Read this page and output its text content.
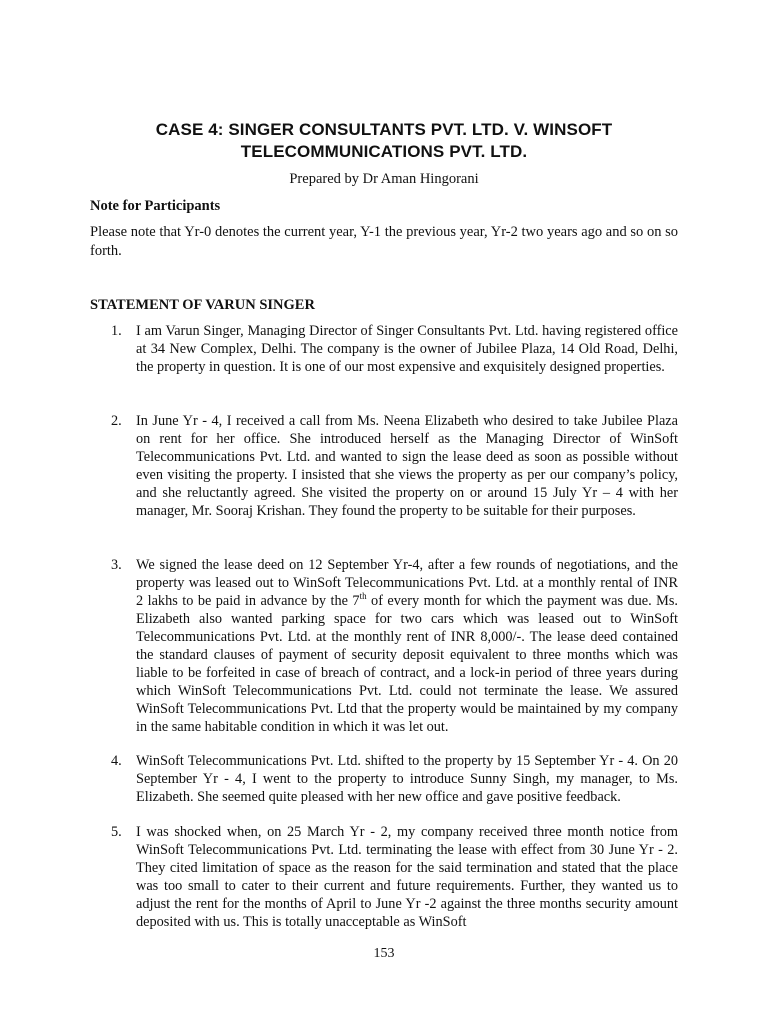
CASE 4: SINGER CONSULTANTS PVT. LTD. V. WINSOFT
TELECOMMUNICATIONS PVT. LTD.
Prepared by Dr Aman Hingorani
Note for Participants
Please note that Yr-0 denotes the current year, Y-1 the previous year, Yr-2 two years ago and so on so forth.
STATEMENT OF VARUN SINGER
1. I am Varun Singer, Managing Director of Singer Consultants Pvt. Ltd. having registered office at 34 New Complex, Delhi. The company is the owner of Jubilee Plaza, 14 Old Road, Delhi, the property in question. It is one of our most expensive and exquisitely designed properties.
2. In June Yr - 4, I received a call from Ms. Neena Elizabeth who desired to take Jubilee Plaza on rent for her office. She introduced herself as the Managing Director of WinSoft Telecommunications Pvt. Ltd. and wanted to sign the lease deed as soon as possible without even visiting the property. I insisted that she views the property as per our company’s policy, and she reluctantly agreed. She visited the property on or around 15 July Yr – 4 with her manager, Mr. Sooraj Krishan. They found the property to be suitable for their purposes.
3. We signed the lease deed on 12 September Yr-4, after a few rounds of negotiations, and the property was leased out to WinSoft Telecommunications Pvt. Ltd. at a monthly rental of INR 2 lakhs to be paid in advance by the 7th of every month for which the payment was due. Ms. Elizabeth also wanted parking space for two cars which was leased out to WinSoft Telecommunications Pvt. Ltd. at the monthly rent of INR 8,000/-. The lease deed contained the standard clauses of payment of security deposit equivalent to three months which was liable to be forfeited in case of breach of contract, and a lock-in period of three years during which WinSoft Telecommunications Pvt. Ltd. could not terminate the lease. We assured WinSoft Telecommunications Pvt. Ltd that the property would be maintained by my company in the same habitable condition in which it was let out.
4. WinSoft Telecommunications Pvt. Ltd. shifted to the property by 15 September Yr - 4. On 20 September Yr - 4, I went to the property to introduce Sunny Singh, my manager, to Ms. Elizabeth. She seemed quite pleased with her new office and gave positive feedback.
5. I was shocked when, on 25 March Yr - 2, my company received three month notice from WinSoft Telecommunications Pvt. Ltd. terminating the lease with effect from 30 June Yr - 2. They cited limitation of space as the reason for the said termination and stated that the place was too small to cater to their current and future requirements. Further, they wanted us to adjust the rent for the months of April to June Yr -2 against the three months security amount deposited with us. This is totally unacceptable as WinSoft
153
